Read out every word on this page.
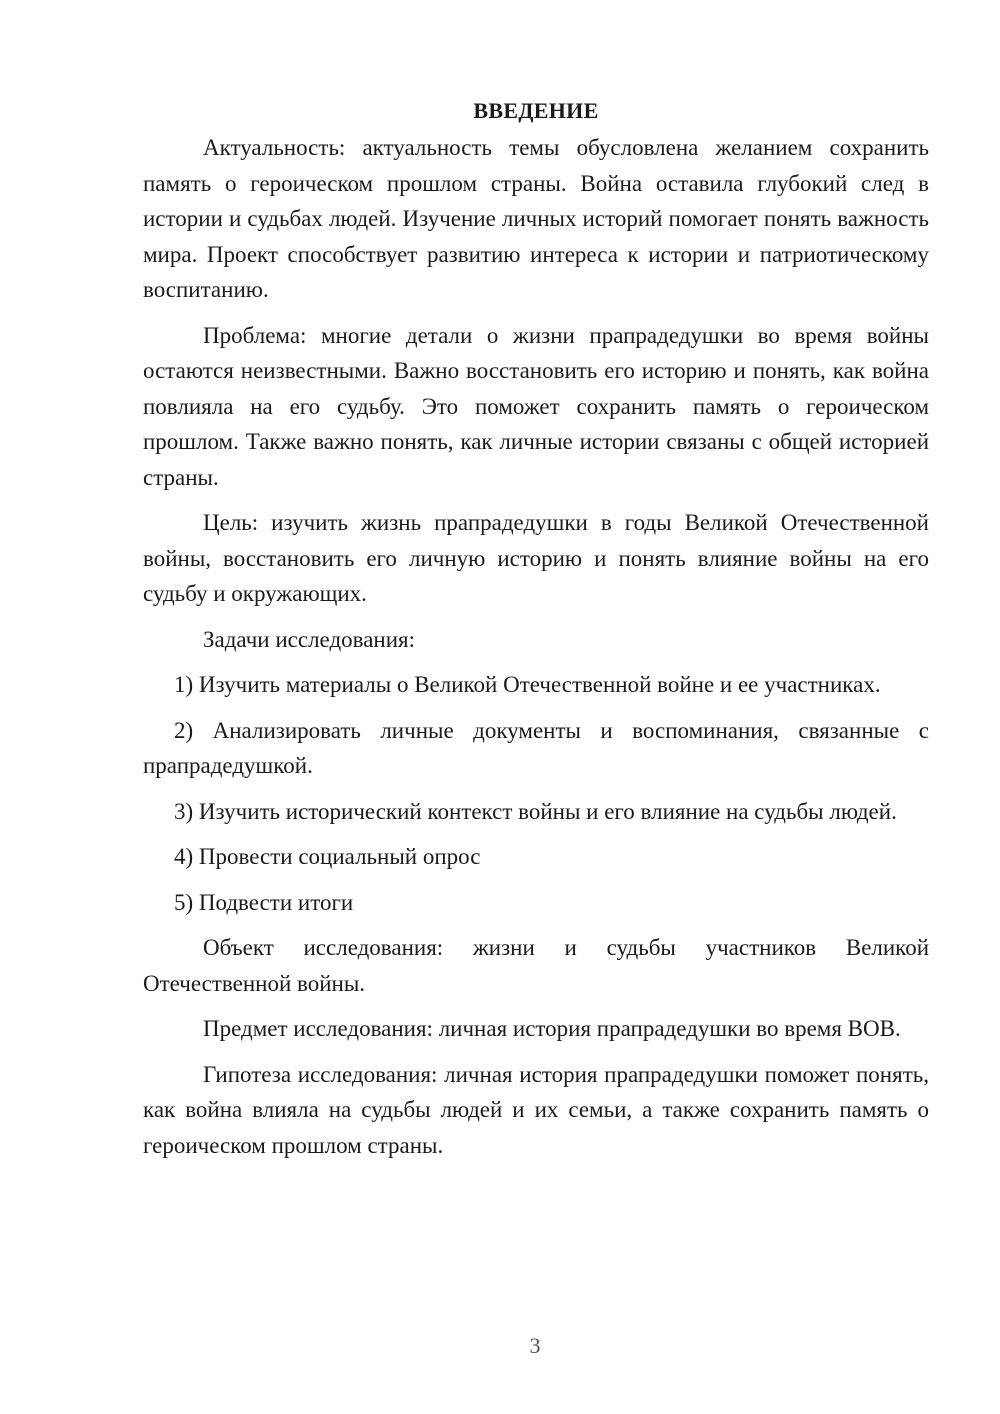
ВВЕДЕНИЕ

Актуальность: актуальность темы обусловлена желанием сохранить память о героическом прошлом страны. Война оставила глубокий след в истории и судьбах людей. Изучение личных историй помогает понять важность мира. Проект способствует развитию интереса к истории и патриотическому воспитанию.

Проблема: многие детали о жизни прапрадедушки во время войны остаются неизвестными. Важно восстановить его историю и понять, как война повлияла на его судьбу. Это поможет сохранить память о героическом прошлом. Также важно понять, как личные истории связаны с общей историей страны.

Цель: изучить жизнь прапрадедушки в годы Великой Отечественной войны, восстановить его личную историю и понять влияние войны на его судьбу и окружающих.

Задачи исследования:

1) Изучить материалы о Великой Отечественной войне и ее участниках.

2) Анализировать личные документы и воспоминания, связанные с прапрадедушкой.

3) Изучить исторический контекст войны и его влияние на судьбы людей.

4) Провести социальный опрос

5) Подвести итоги

Объект исследования: жизни и судьбы участников Великой Отечественной войны.

Предмет исследования: личная история прапрадедушки во время ВОВ.

Гипотеза исследования: личная история прапрадедушки поможет понять, как война влияла на судьбы людей и их семьи, а также сохранить память о героическом прошлом страны.

3
